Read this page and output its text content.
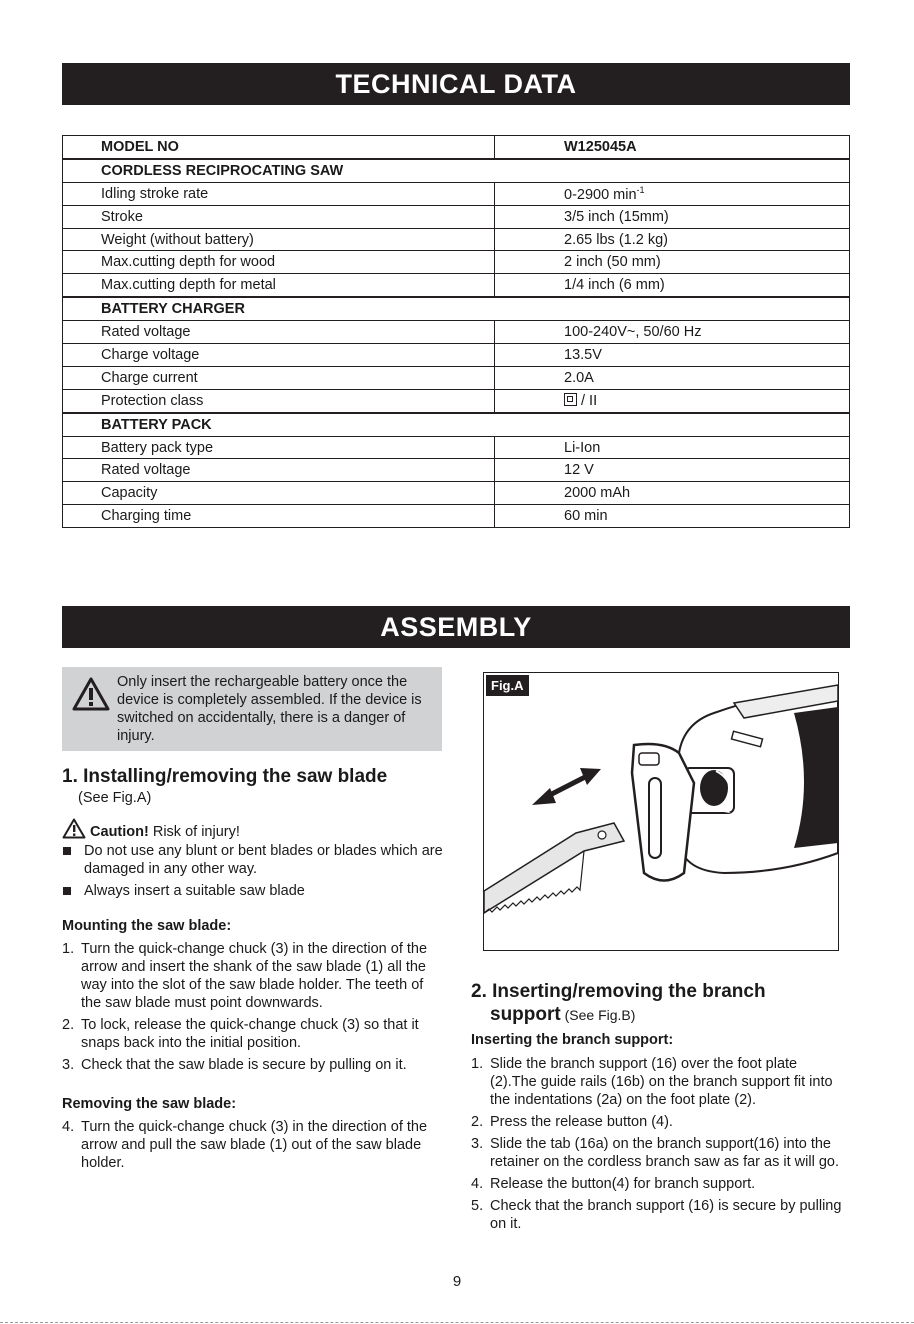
TECHNICAL DATA
MODEL NO	W125045A
CORDLESS RECIPROCATING SAW	
Idling stroke rate	0-2900 $\min^{-1}$
Stroke	3/5 inch (15mm)
Weight (without battery)	2.65 lbs (1.2 kg)
Max.cutting depth for wood	2 inch (50 mm)
Max.cutting depth for metal	1/4 inch (6 mm)
BATTERY CHARGER	
Rated voltage	100-240V~, 50/60 Hz
Charge voltage	13.5V
Charge current	2.0A
Protection class	/ II
BATTERY PACK	
Battery pack type	Li-Ion
Rated voltage	12 V
Capacity	2000 mAh
Charging time	60 min
ASSEMBLY
Only insert the rechargeable battery once the device is completely assembled. If the device is switched on accidentally, there is a danger of injury.
1. Installing/removing the saw blade
(See Fig.A)
Caution! Risk of injury!
Do not use any blunt or bent blades or blades which are damaged in any other way.
Always insert a suitable saw blade
Mounting the saw blade:
1. Turn the quick-change chuck (3) in the direction of the arrow and insert the shank of the saw blade (1) all the way into the slot of the saw blade holder. The teeth of the saw blade must point downwards.
2. To lock, release the quick-change chuck (3) so that it snaps back into the initial position.
3. Check that the saw blade is secure by pulling on it.
Removing the saw blade:
4. Turn the quick-change chuck (3) in the direction of the arrow and pull the saw blade (1) out of the saw blade holder.
Fig.A
2. Inserting/removing the branch
support (See Fig.B)
Inserting the branch support:
1. Slide the branch support (16) over the foot plate (2).The guide rails (16b) on the branch support fit into the indentations (2a) on the foot plate (2).
2. Press the release button (4).
3. Slide the tab (16a) on the branch support(16) into the retainer on the cordless branch saw as far as it will go.
4. Release the button(4) for branch support.
5. Check that the branch support (16) is secure by pulling on it.
9
